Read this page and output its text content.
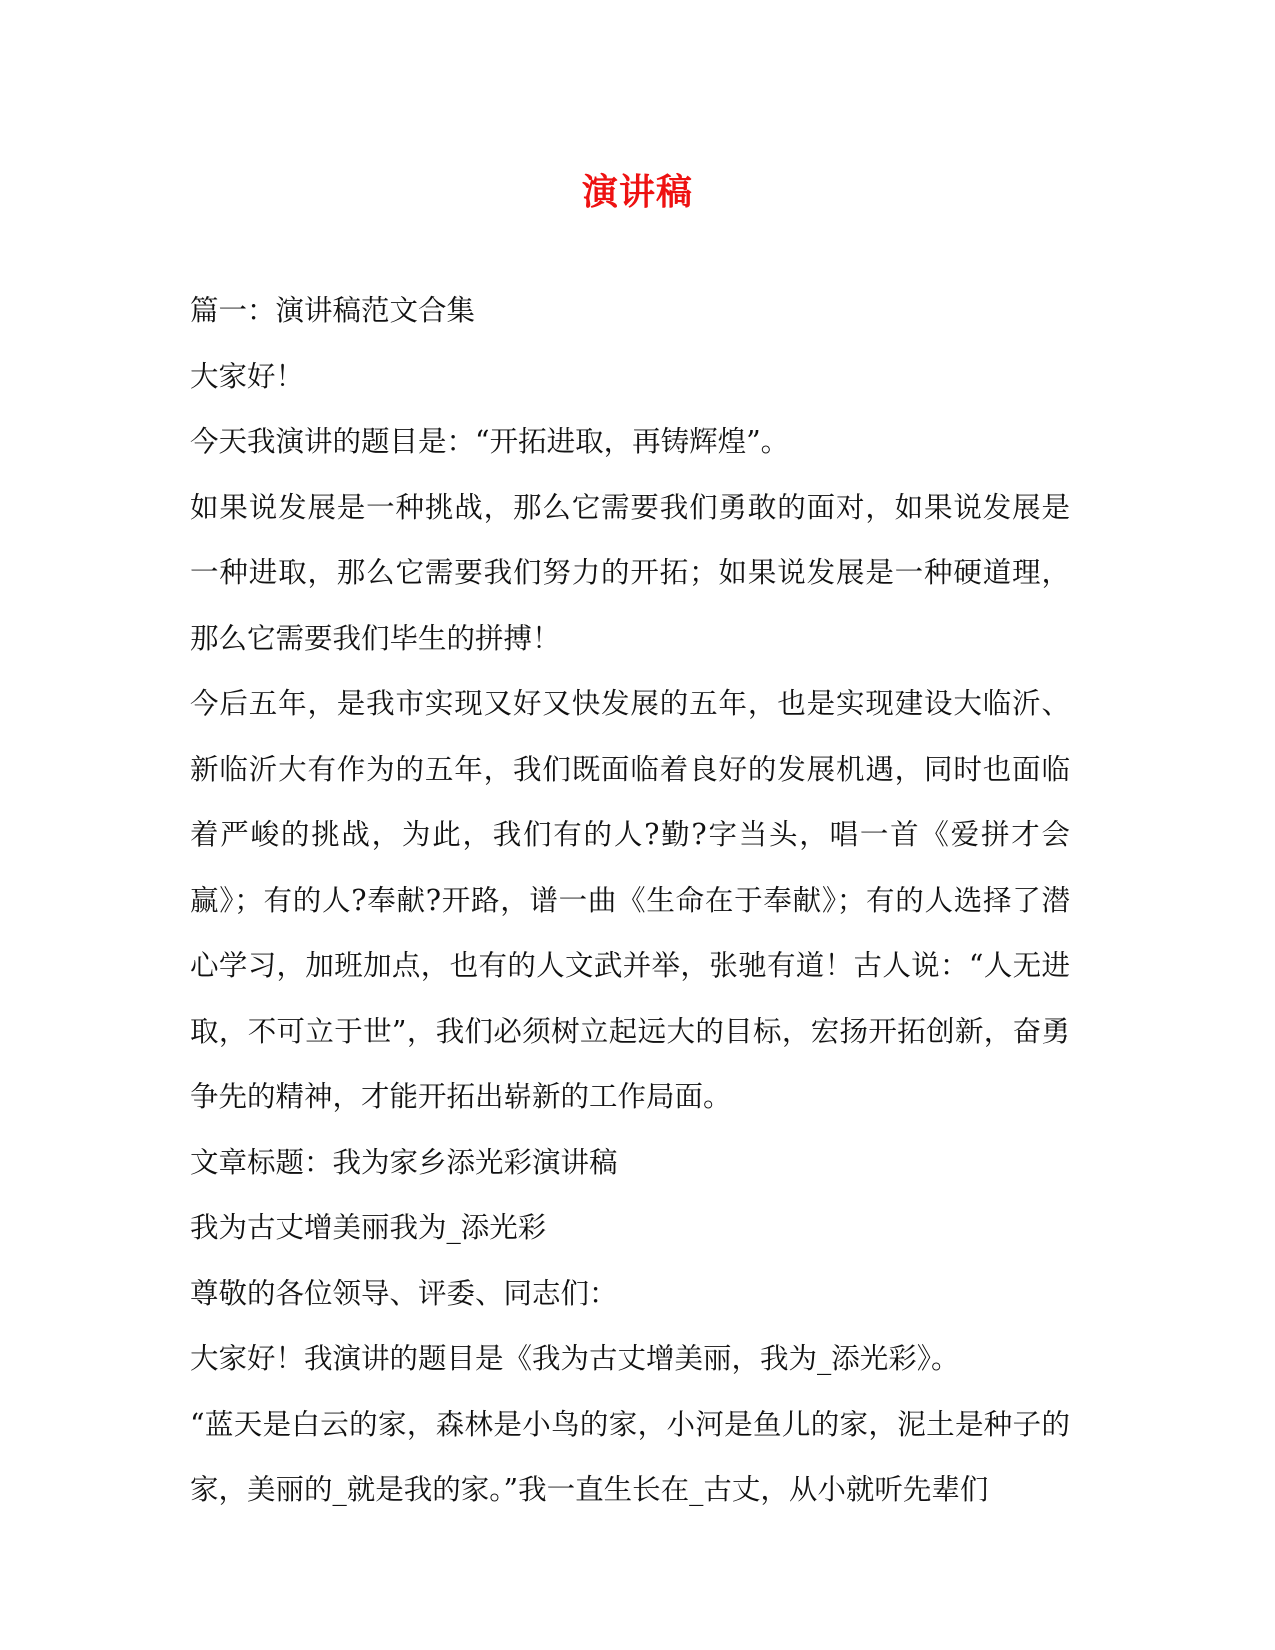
演讲稿

篇一：演讲稿范文合集

大家好！

今天我演讲的题目是：“开拓进取，再铸辉煌”。

如果说发展是一种挑战，那么它需要我们勇敢的面对，如果说发展是一种进取，那么它需要我们努力的开拓；如果说发展是一种硬道理，那么它需要我们毕生的拼搏！

今后五年，是我市实现又好又快发展的五年，也是实现建设大临沂、新临沂大有作为的五年，我们既面临着良好的发展机遇，同时也面临着严峻的挑战，为此，我们有的人?勤?字当头，唱一首《爱拼才会赢》；有的人?奉献?开路，谱一曲《生命在于奉献》；有的人选择了潜心学习，加班加点，也有的人文武并举，张驰有道！古人说：“人无进取，不可立于世”，我们必须树立起远大的目标，宏扬开拓创新，奋勇争先的精神，才能开拓出崭新的工作局面。

文章标题：我为家乡添光彩演讲稿

我为古丈增美丽我为_添光彩

尊敬的各位领导、评委、同志们：

大家好！我演讲的题目是《我为古丈增美丽，我为_添光彩》。

“蓝天是白云的家，森林是小鸟的家，小河是鱼儿的家，泥土是种子的家，美丽的_就是我的家。”我一直生长在_古丈，从小就听先辈们
